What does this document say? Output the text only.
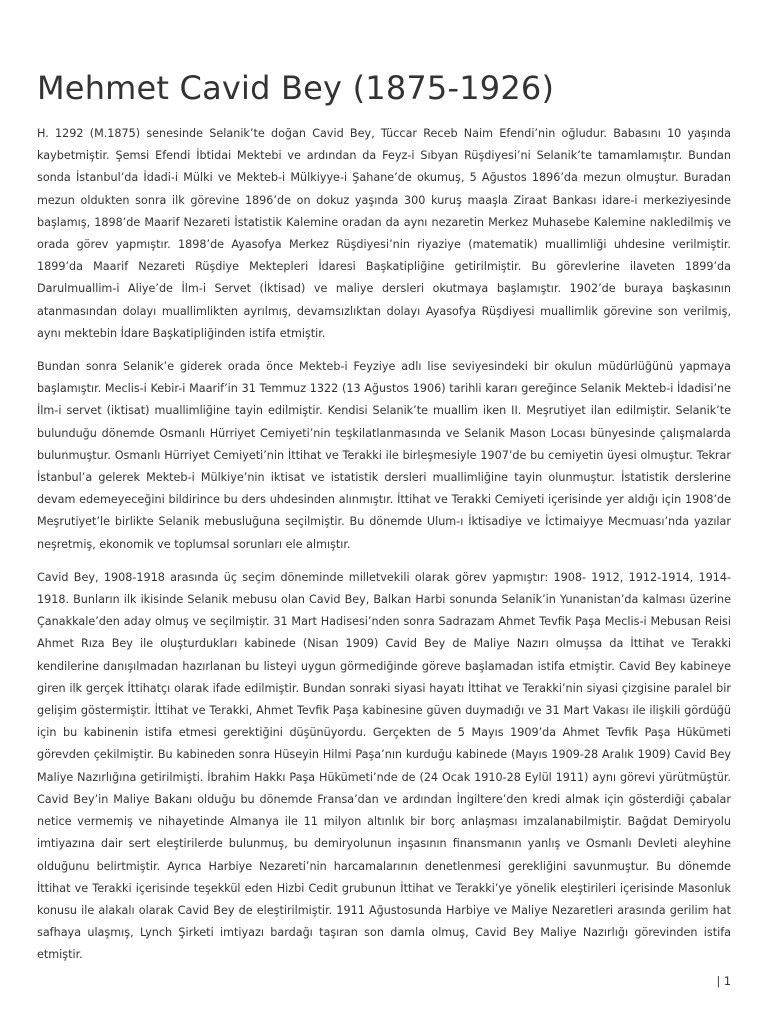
Mehmet Cavid Bey (1875-1926)

H. 1292 (M.1875) senesinde Selanik’te doğan Cavid Bey, Tüccar Receb Naim Efendi’nin oğludur. Babasını 10 yaşında kaybetmiştir. Şemsi Efendi İbtidai Mektebi ve ardından da Feyz-i Sıbyan Rüşdiyesi’ni Selanik’te tamamlamıştır. Bundan sonda İstanbul’da İdadi-i Mülki ve Mekteb-i Mülkiyye-i Şahane’de okumuş, 5 Ağustos 1896’da mezun olmuştur. Buradan mezun oldukten sonra ilk görevine 1896’de on dokuz yaşında 300 kuruş maaşla Ziraat Bankası idare-i merkeziyesinde başlamış, 1898’de Maarif Nezareti İstatistik Kalemine oradan da aynı nezaretin Merkez Muhasebe Kalemine nakledilmiş ve orada görev yapmıştır. 1898’de Ayasofya Merkez Rüşdiyesi’nin riyaziye (matematik) muallimliği uhdesine verilmiştir. 1899’da Maarif Nezareti Rüşdiye Mektepleri İdaresi Başkatipliğine getirilmiştir. Bu görevlerine ilaveten 1899’da Darulmuallim-i Aliye’de İlm-i Servet (İktisad) ve maliye dersleri okutmaya başlamıştır. 1902’de buraya başkasının atanmasından dolayı muallimlikten ayrılmış, devamsızlıktan dolayı Ayasofya Rüşdiyesi muallimlik görevine son verilmiş, aynı mektebin İdare Başkatipliğinden istifa etmiştir.

Bundan sonra Selanik’e giderek orada önce Mekteb-i Feyziye adlı lise seviyesindeki bir okulun müdürlüğünü yapmaya başlamıştır. Meclis-i Kebir-i Maarif’in 31 Temmuz 1322 (13 Ağustos 1906) tarihli kararı gereğince Selanik Mekteb-i İdadisi’ne İlm-i servet (iktisat) muallimliğine tayin edilmiştir. Kendisi Selanik’te muallim iken II. Meşrutiyet ilan edilmiştir. Selanik’te bulunduğu dönemde Osmanlı Hürriyet Cemiyeti’nin teşkilatlanmasında ve Selanik Mason Locası bünyesinde çalışmalarda bulunmuştur. Osmanlı Hürriyet Cemiyeti’nin İttihat ve Terakki ile birleşmesiyle 1907’de bu cemiyetin üyesi olmuştur. Tekrar İstanbul’a gelerek Mekteb-i Mülkiye’nin iktisat ve istatistik dersleri muallimliğine tayin olunmuştur. İstatistik derslerine devam edemeyeceğini bildirince bu ders uhdesinden alınmıştır. İttihat ve Terakki Cemiyeti içerisinde yer aldığı için 1908’de Meşrutiyet’le birlikte Selanik mebusluğuna seçilmiştir. Bu dönemde Ulum-ı İktisadiye ve İctimaiyye Mecmuası’nda yazılar neşretmiş, ekonomik ve toplumsal sorunları ele almıştır.

Cavid Bey, 1908-1918 arasında üç seçim döneminde milletvekili olarak görev yapmıştır: 1908- 1912, 1912-1914, 1914-1918. Bunların ilk ikisinde Selanik mebusu olan Cavid Bey, Balkan Harbi sonunda Selanik’in Yunanistan’da kalması üzerine Çanakkale’den aday olmuş ve seçilmiştir. 31 Mart Hadisesi’nden sonra Sadrazam Ahmet Tevfik Paşa Meclis-i Mebusan Reisi Ahmet Rıza Bey ile oluşturdukları kabinede (Nisan 1909) Cavid Bey de Maliye Nazırı olmuşsa da İttihat ve Terakki kendilerine danışılmadan hazırlanan bu listeyi uygun görmediğinde göreve başlamadan istifa etmiştir. Cavid Bey kabineye giren ilk gerçek İttihatçı olarak ifade edilmiştir. Bundan sonraki siyasi hayatı İttihat ve Terakki’nin siyasi çizgisine paralel bir gelişim göstermiştir. İttihat ve Terakki, Ahmet Tevfik Paşa kabinesine güven duymadığı ve 31 Mart Vakası ile ilişkili gördüğü için bu kabinenin istifa etmesi gerektiğini düşünüyordu. Gerçekten de 5 Mayıs 1909’da Ahmet Tevfik Paşa Hükümeti görevden çekilmiştir. Bu kabineden sonra Hüseyin Hilmi Paşa’nın kurduğu kabinede (Mayıs 1909-28 Aralık 1909) Cavid Bey Maliye Nazırlığına getirilmişti. İbrahim Hakkı Paşa Hükümeti’nde de (24 Ocak 1910-28 Eylül 1911) aynı görevi yürütmüştür. Cavid Bey’in Maliye Bakanı olduğu bu dönemde Fransa’dan ve ardından İngiltere’den kredi almak için gösterdiği çabalar netice vermemiş ve nihayetinde Almanya ile 11 milyon altınlık bir borç anlaşması imzalanabilmiştir. Bağdat Demiryolu imtiyazına dair sert eleştirilerde bulunmuş, bu demiryolunun inşasının finansmanın yanlış ve Osmanlı Devleti aleyhine olduğunu belirtmiştir. Ayrıca Harbiye Nezareti’nin harcamalarının denetlenmesi gerekliğini savunmuştur. Bu dönemde İttihat ve Terakki içerisinde teşekkül eden Hizbi Cedit grubunun İttihat ve Terakki’ye yönelik eleştirileri içerisinde Masonluk konusu ile alakalı olarak Cavid Bey de eleştirilmiştir. 1911 Ağustosunda Harbiye ve Maliye Nezaretleri arasında gerilim hat safhaya ulaşmış, Lynch Şirketi imtiyazı bardağı taşıran son damla olmuş, Cavid Bey Maliye Nazırlığı görevinden istifa etmiştir.

| 1
